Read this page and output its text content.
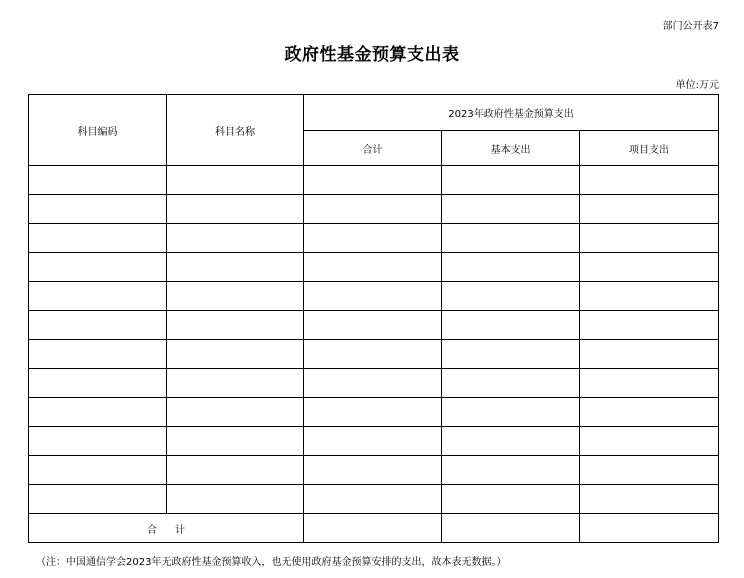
部门公开表7
政府性基金预算支出表
单位:万元
科目编码	科目名称	2023年政府性基金预算支出		
		合计	基本支出	项目支出

合计				
（注：中国通信学会2023年无政府性基金预算收入，也无使用政府基金预算安排的支出，故本表无数据。）
